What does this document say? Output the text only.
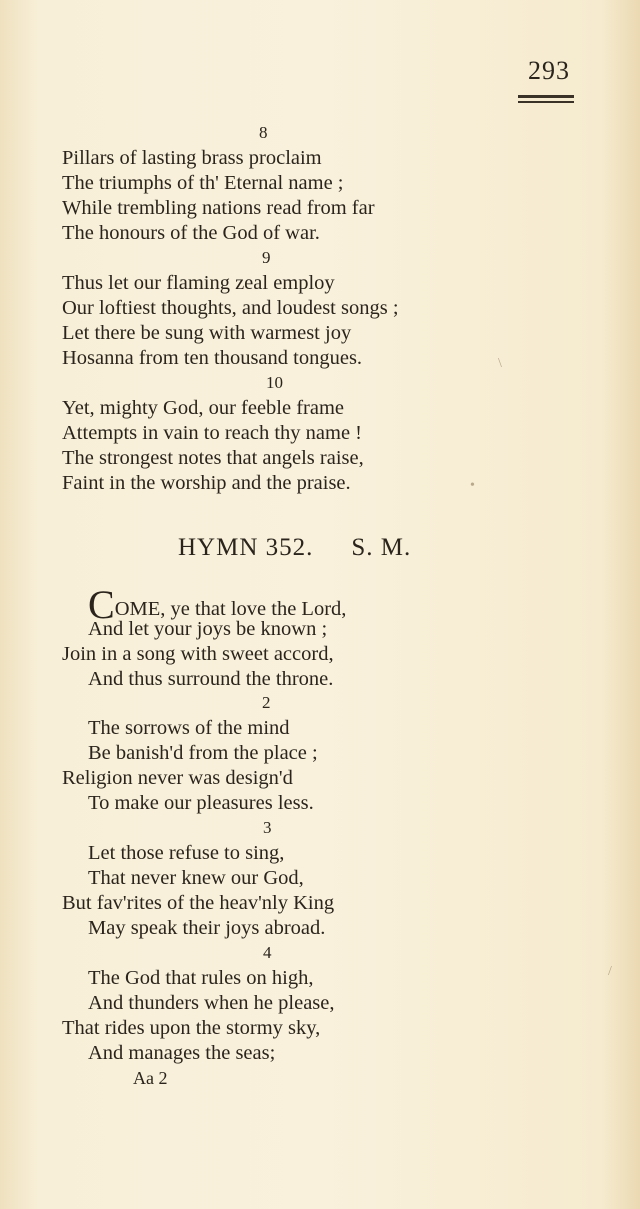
293
8
Pillars of lasting brass proclaim
The triumphs of th' Eternal name ;
While trembling nations read from far
The honours of the God of war.
9
Thus let our flaming zeal employ
Our loftiest thoughts, and loudest songs ;
Let there be sung with warmest joy
Hosanna from ten thousand tongues.
10
Yet, mighty God, our feeble frame
Attempts in vain to reach thy name !
The strongest notes that angels raise,
Faint in the worship and the praise.
HYMN 352. S. M.
COME, ye that love the Lord,
And let your joys be known ;
Join in a song with sweet accord,
And thus surround the throne.
2
The sorrows of the mind
Be banish'd from the place ;
Religion never was design'd
To make our pleasures less.
3
Let those refuse to sing,
That never knew our God,
But fav'rites of the heav'nly King
May speak their joys abroad.
4
The God that rules on high,
And thunders when he please,
That rides upon the stormy sky,
And manages the seas;
Aa 2
•
\
/
